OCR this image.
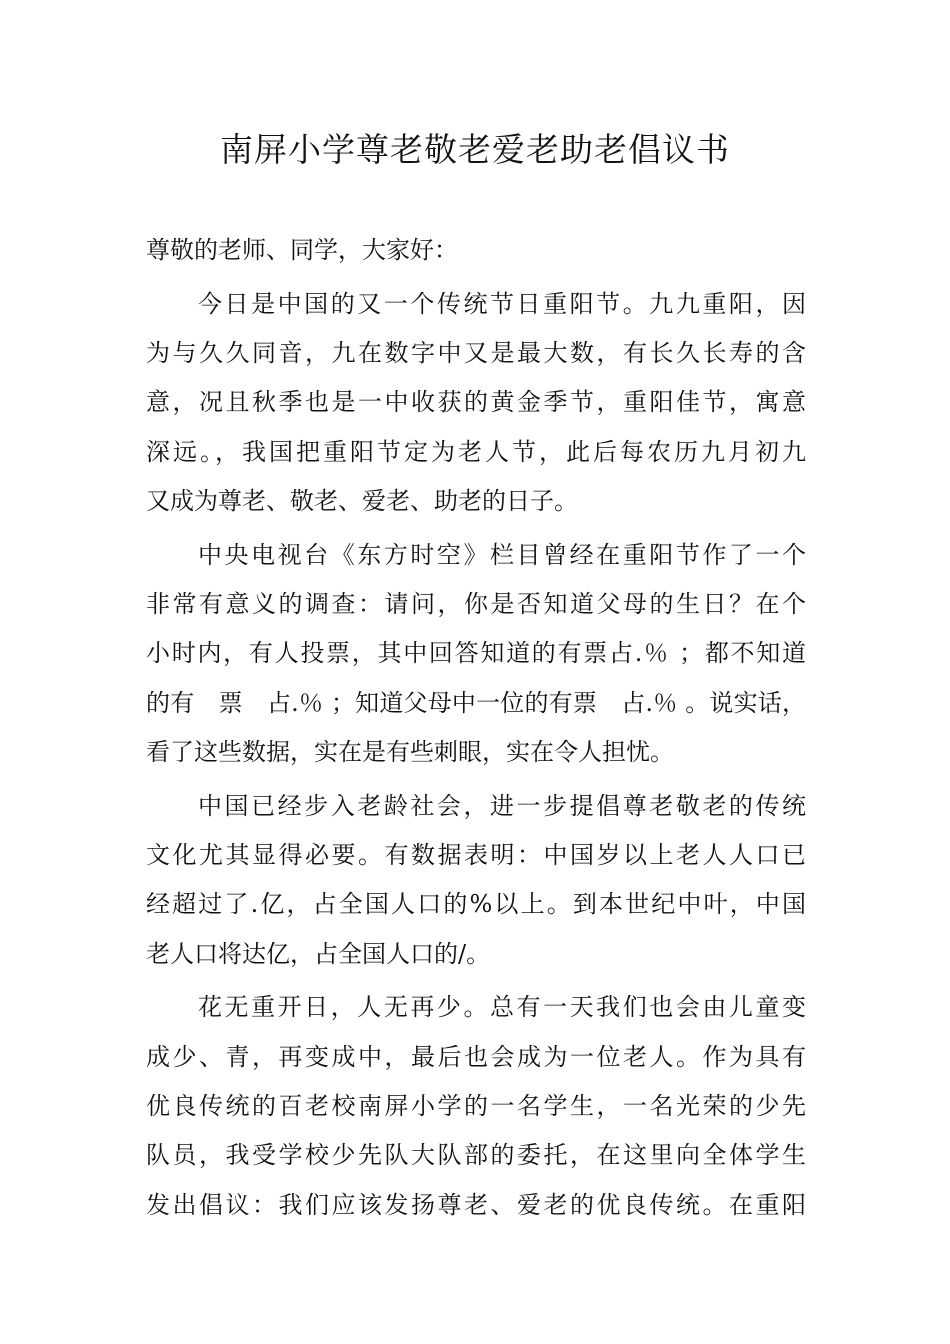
南屏小学尊老敬老爱老助老倡议书
尊敬的老师、同学，大家好：
今日是中国的又一个传统节日重阳节。九九重阳，因
为与久久同音，九在数字中又是最大数，有长久长寿的含
意，况且秋季也是一中收获的黄金季节，重阳佳节，寓意
深远。，我国把重阳节定为老人节，此后每农历九月初九
又成为尊老、敬老、爱老、助老的日子。
中央电视台《东方时空》栏目曾经在重阳节作了一个
非常有意义的调查：请问，你是否知道父母的生日？在个
小时内，有人投票，其中回答知道的有票占.％ ；都不知道
的有　票　占.％ ；知道父母中一位的有票　占.％ 。说实话，
看了这些数据，实在是有些刺眼，实在令人担忧。
中国已经步入老龄社会，进一步提倡尊老敬老的传统
文化尤其显得必要。有数据表明：中国岁以上老人人口已
经超过了.亿，占全国人口的%以上。到本世纪中叶，中国
老人口将达亿，占全国人口的/。
花无重开日，人无再少。总有一天我们也会由儿童变
成少、青，再变成中，最后也会成为一位老人。作为具有
优良传统的百老校南屏小学的一名学生，一名光荣的少先
队员，我受学校少先队大队部的委托，在这里向全体学生
发出倡议：我们应该发扬尊老、爱老的优良传统。在重阳
